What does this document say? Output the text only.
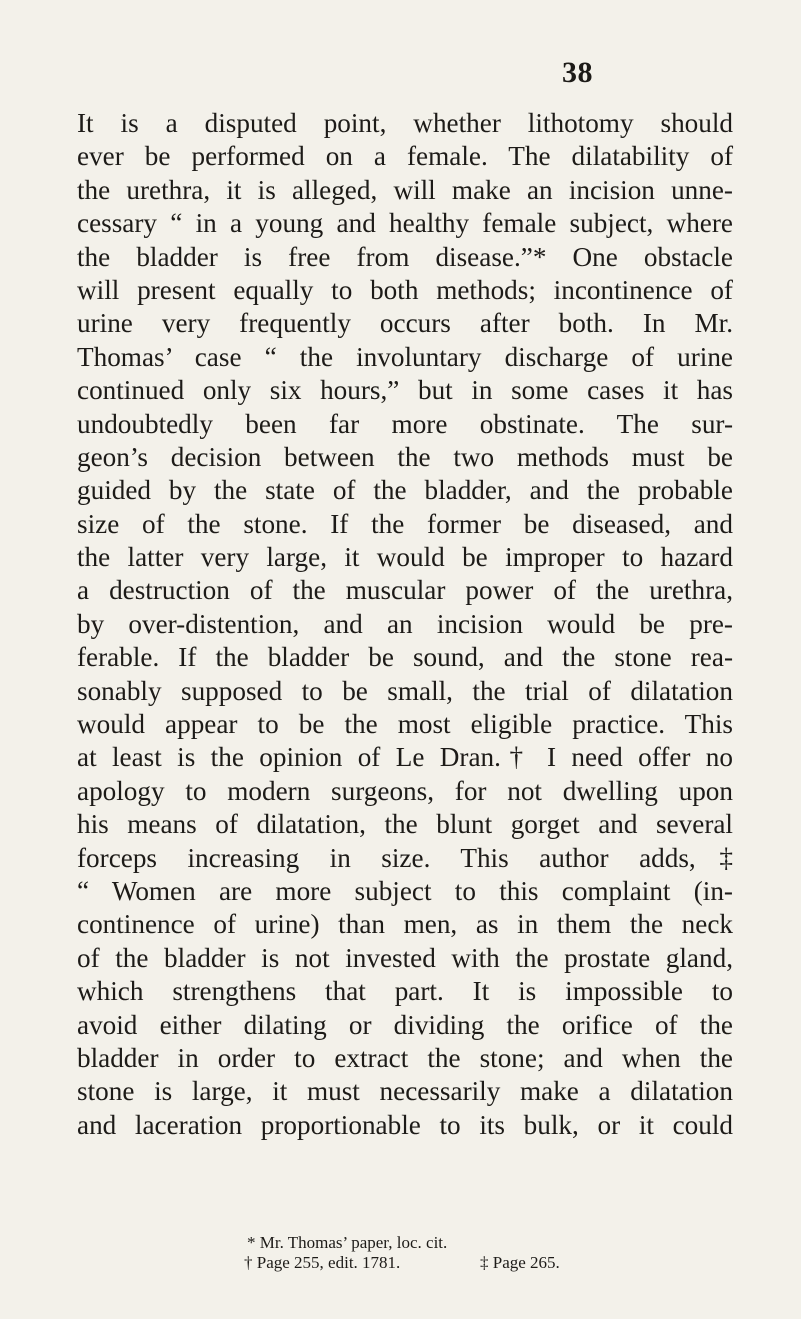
38
It is a disputed point, whether lithotomy should
ever be performed on a female. The dilatability of
the urethra, it is alleged, will make an incision unne-
cessary “ in a young and healthy female subject, where
the bladder is free from disease.”* One obstacle
will present equally to both methods; incontinence of
urine very frequently occurs after both. In Mr.
Thomas’ case “ the involuntary discharge of urine
continued only six hours,” but in some cases it has
undoubtedly been far more obstinate. The sur-
geon’s decision between the two methods must be
guided by the state of the bladder, and the probable
size of the stone. If the former be diseased, and
the latter very large, it would be improper to hazard
a destruction of the muscular power of the urethra,
by over-distention, and an incision would be pre-
ferable. If the bladder be sound, and the stone rea-
sonably supposed to be small, the trial of dilatation
would appear to be the most eligible practice. This
at least is the opinion of Le Dran.† I need offer no
apology to modern surgeons, for not dwelling upon
his means of dilatation, the blunt gorget and several
forceps increasing in size. This author adds,‡
“ Women are more subject to this complaint (in-
continence of urine) than men, as in them the neck
of the bladder is not invested with the prostate gland,
which strengthens that part. It is impossible to
avoid either dilating or dividing the orifice of the
bladder in order to extract the stone; and when the
stone is large, it must necessarily make a dilatation
and laceration proportionable to its bulk, or it could
* Mr. Thomas’ paper, loc. cit.
† Page 255, edit. 1781.	‡ Page 265.
